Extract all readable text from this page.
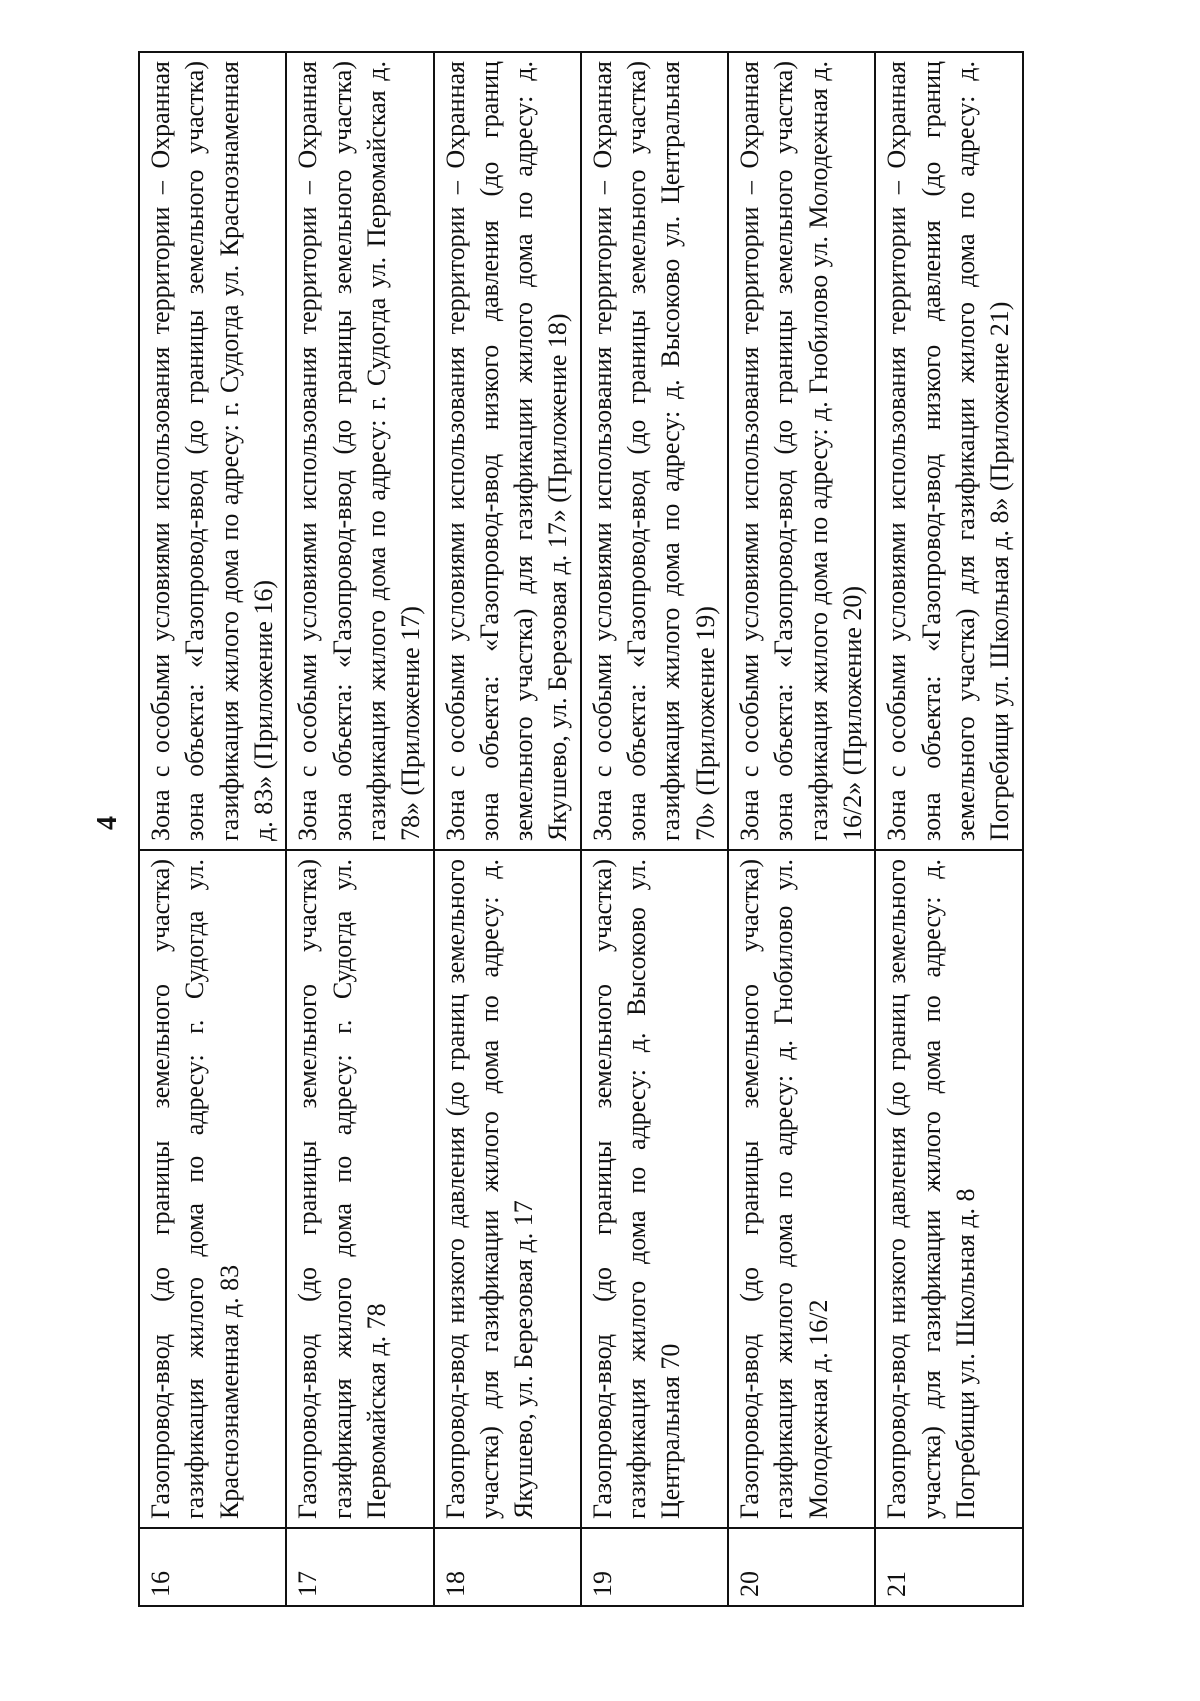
4
16	Газопровод-ввод (до границы земельного участка) газификация жилого дома по адресу: г. Судогда ул. Краснознаменная д. 83	Зона с особыми условиями использования территории – Охранная зона объекта: «Газопровод-ввод (до границы земельного участка) газификация жилого дома по адресу: г. Судогда ул. Краснознаменная д. 83» (Приложение 16)
17	Газопровод-ввод (до границы земельного участка) газификация жилого дома по адресу: г. Судогда ул. Первомайская д. 78	Зона с особыми условиями использования территории – Охранная зона объекта: «Газопровод-ввод (до границы земельного участка) газификация жилого дома по адресу: г. Судогда ул. Первомайская д. 78» (Приложение 17)
18	Газопровод-ввод низкого давления (до границ земельного участка) для газификации жилого дома по адресу: д. Якушево, ул. Березовая д. 17	Зона с особыми условиями использования территории – Охранная зона объекта: «Газопровод-ввод низкого давления (до границ земельного участка) для газификации жилого дома по адресу: д. Якушево, ул. Березовая д. 17» (Приложение 18)
19	Газопровод-ввод (до границы земельного участка) газификация жилого дома по адресу: д. Высоково ул. Центральная 70	Зона с особыми условиями использования территории – Охранная зона объекта: «Газопровод-ввод (до границы земельного участка) газификация жилого дома по адресу: д. Высоково ул. Центральная 70» (Приложение 19)
20	Газопровод-ввод (до границы земельного участка) газификация жилого дома по адресу: д. Гнобилово ул. Молодежная д. 16/2	Зона с особыми условиями использования территории – Охранная зона объекта: «Газопровод-ввод (до границы земельного участка) газификация жилого дома по адресу: д. Гнобилово ул. Молодежная д. 16/2» (Приложение 20)
21	Газопровод-ввод низкого давления (до границ земельного участка) для газификации жилого дома по адресу: д. Погребищи ул. Школьная д. 8	Зона с особыми условиями использования территории – Охранная зона объекта: «Газопровод-ввод низкого давления (до границ земельного участка) для газификации жилого дома по адресу: д. Погребищи ул. Школьная д. 8» (Приложение 21)
